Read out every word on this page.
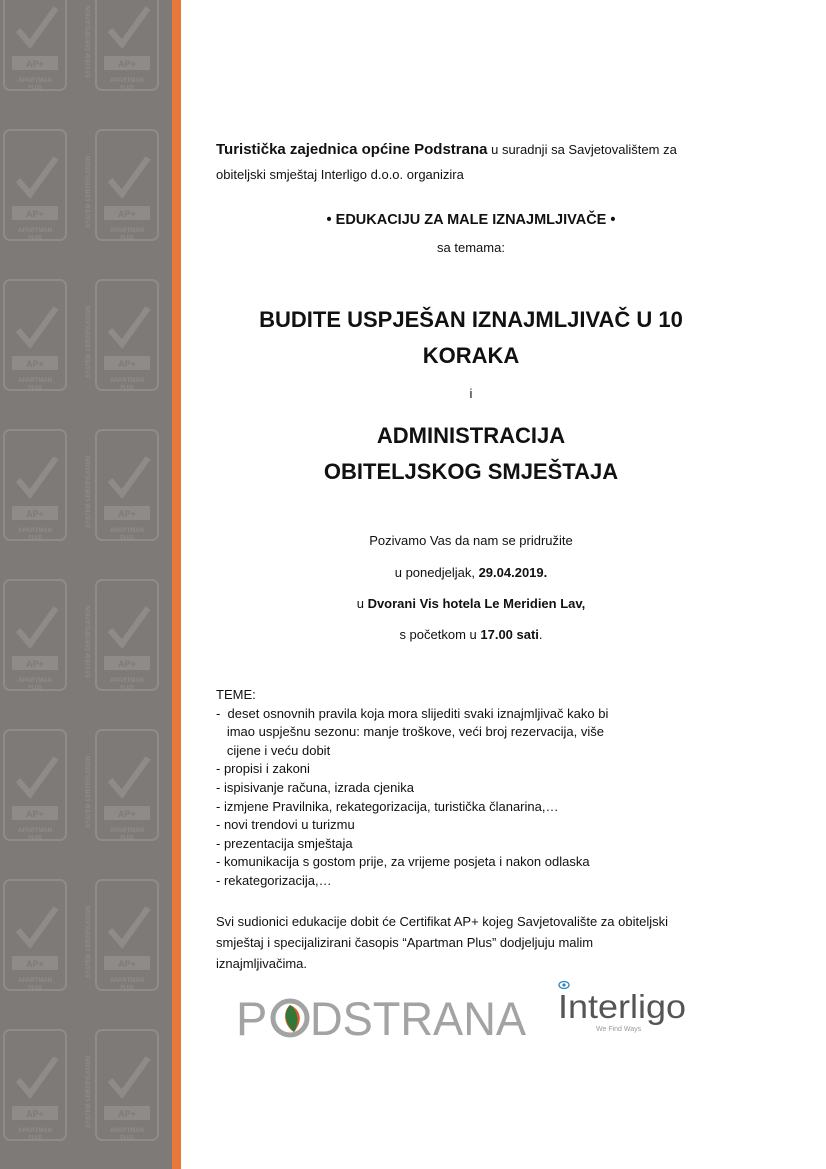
Turistička zajednica općine Podstrana u suradnji sa Savjetovalištem za
obiteljski smještaj Interligo d.o.o. organizira
• EDUKACIJU ZA MALE IZNAJMLJIVAČE •
sa temama:
BUDITE USPJEŠAN IZNAJMLJIVAČ U 10
KORAKA
i
ADMINISTRACIJA
OBITELJSKOG SMJEŠTAJA
Pozivamo Vas da nam se pridružite
u ponedjeljak, 29.04.2019.
u Dvorani Vis hotela Le Meridien Lav,
s početkom u 17.00 sati.
TEME:
-  deset osnovnih pravila koja mora slijediti svaki iznajmljivač kako bi
imao uspješnu sezonu: manje troškove, veći broj rezervacija, više
cijene i veću dobit
- propisi i zakoni
- ispisivanje računa, izrada cjenika
- izmjene Pravilnika, rekategorizacija, turistička članarina,…
- novi trendovi u turizmu
- prezentacija smještaja
- komunikacija s gostom prije, za vrijeme posjeta i nakon odlaska
- rekategorizacija,…
Svi sudionici edukacije dobit će Certifikat AP+ kojeg Savjetovalište za obiteljski
smještaj i specijalizirani časopis “Apartman Plus” dodjeljuju malim
iznajmljivačima.
P DSTRANA Interligo
We Find Ways
